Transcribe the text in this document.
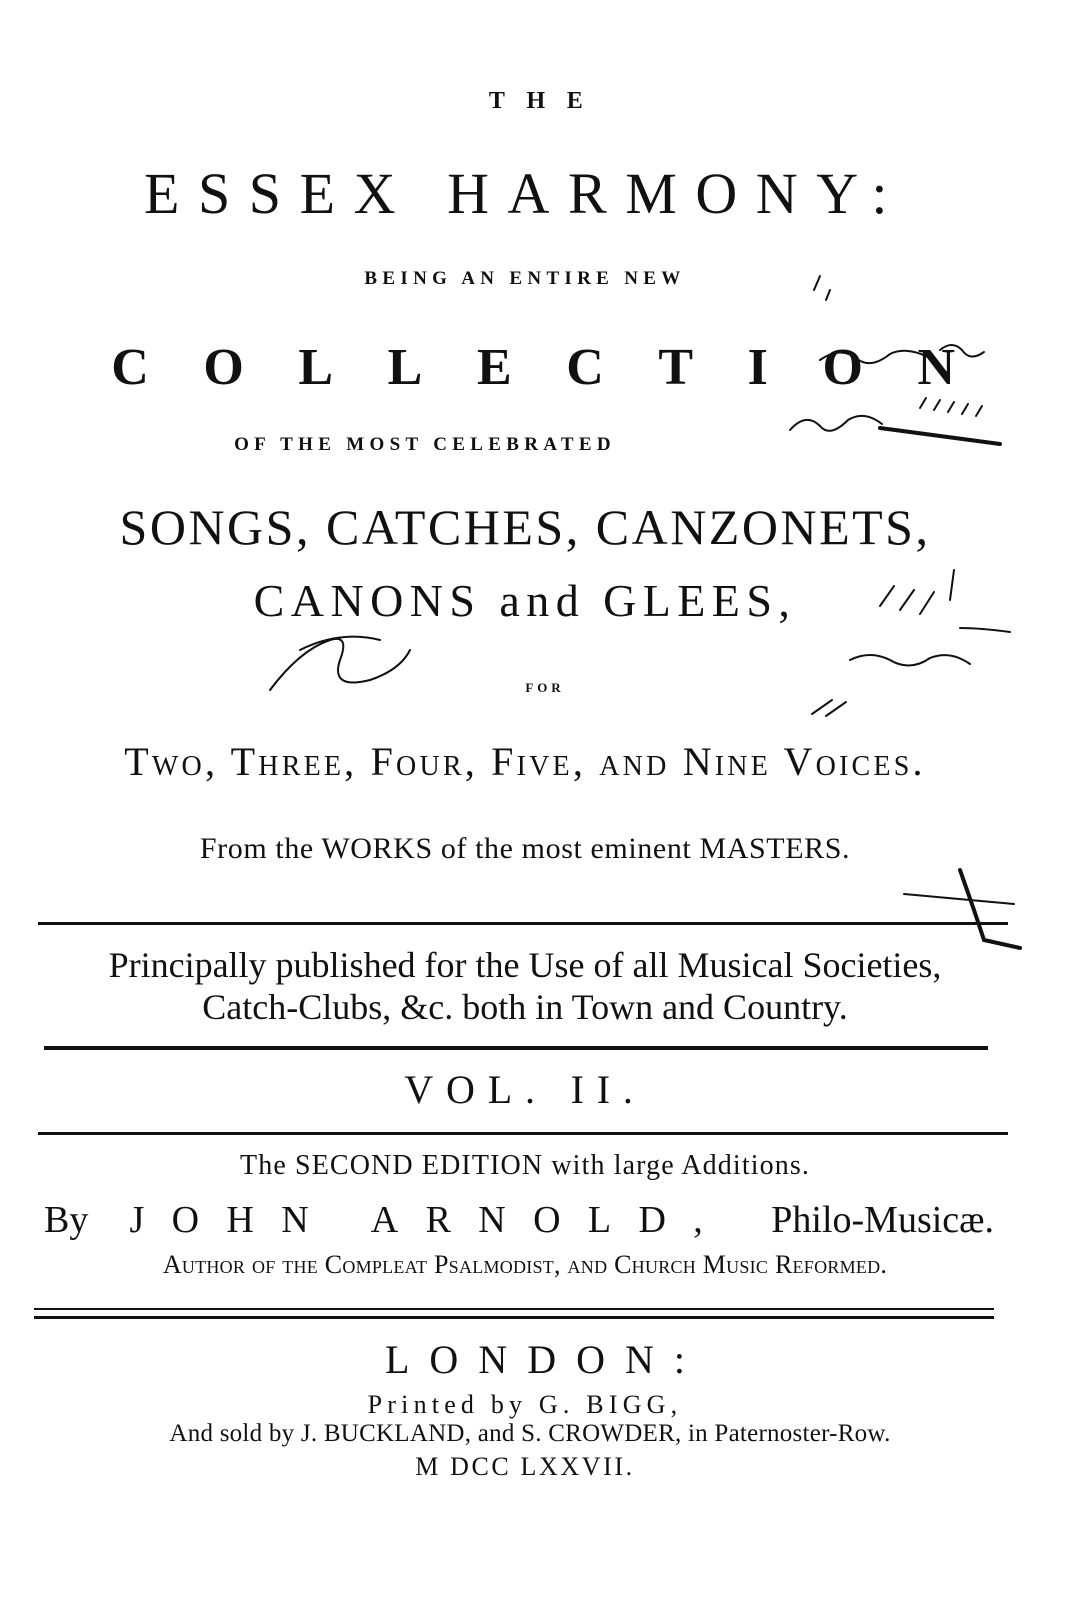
THE
ESSEX HARMONY:
BEING AN ENTIRE NEW
COLLECTION
OF THE MOST CELEBRATED
SONGS, CATCHES, CANZONETS,
CANONS and GLEES,
FOR
Two, Three, Four, Five, and Nine Voices.
From the WORKS of the most eminent MASTERS.
Principally published for the Use of all Musical Societies,
Catch-Clubs, &c. both in Town and Country.
VOL. II.
The SECOND EDITION with large Additions.
By JOHN ARNOLD, Philo-Musicæ.
Author of the Compleat Psalmodist, and Church Music Reformed.
LONDON:
Printed by G. BIGG,
And sold by J. BUCKLAND, and S. CROWDER, in Paternoster-Row.
M DCC LXXVII.
